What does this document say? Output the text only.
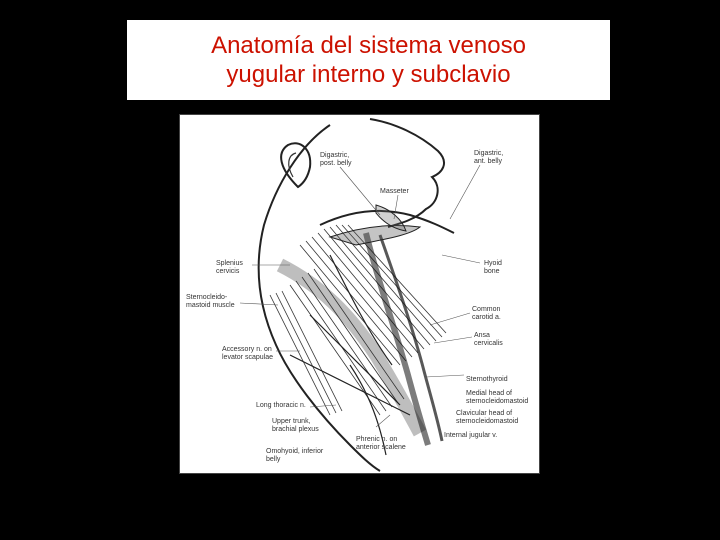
Anatomía del sistema venoso
yugular interno y subclavio
Digastric, post. belly
Digastric, ant. belly
Masseter
Splenius cervicis
Hyoid bone
Sternocleido-mastoid muscle
Common carotid a.
Ansa cervicalis
Accessory n. on levator scapulae
Sternothyroid
Medial head of sternocleidomastoid
Clavicular head of sternocleidomastoid
Internal jugular v.
Long thoracic n.
Upper trunk, brachial plexus
Phrenic n. on anterior scalene
Omohyoid, inferior belly
